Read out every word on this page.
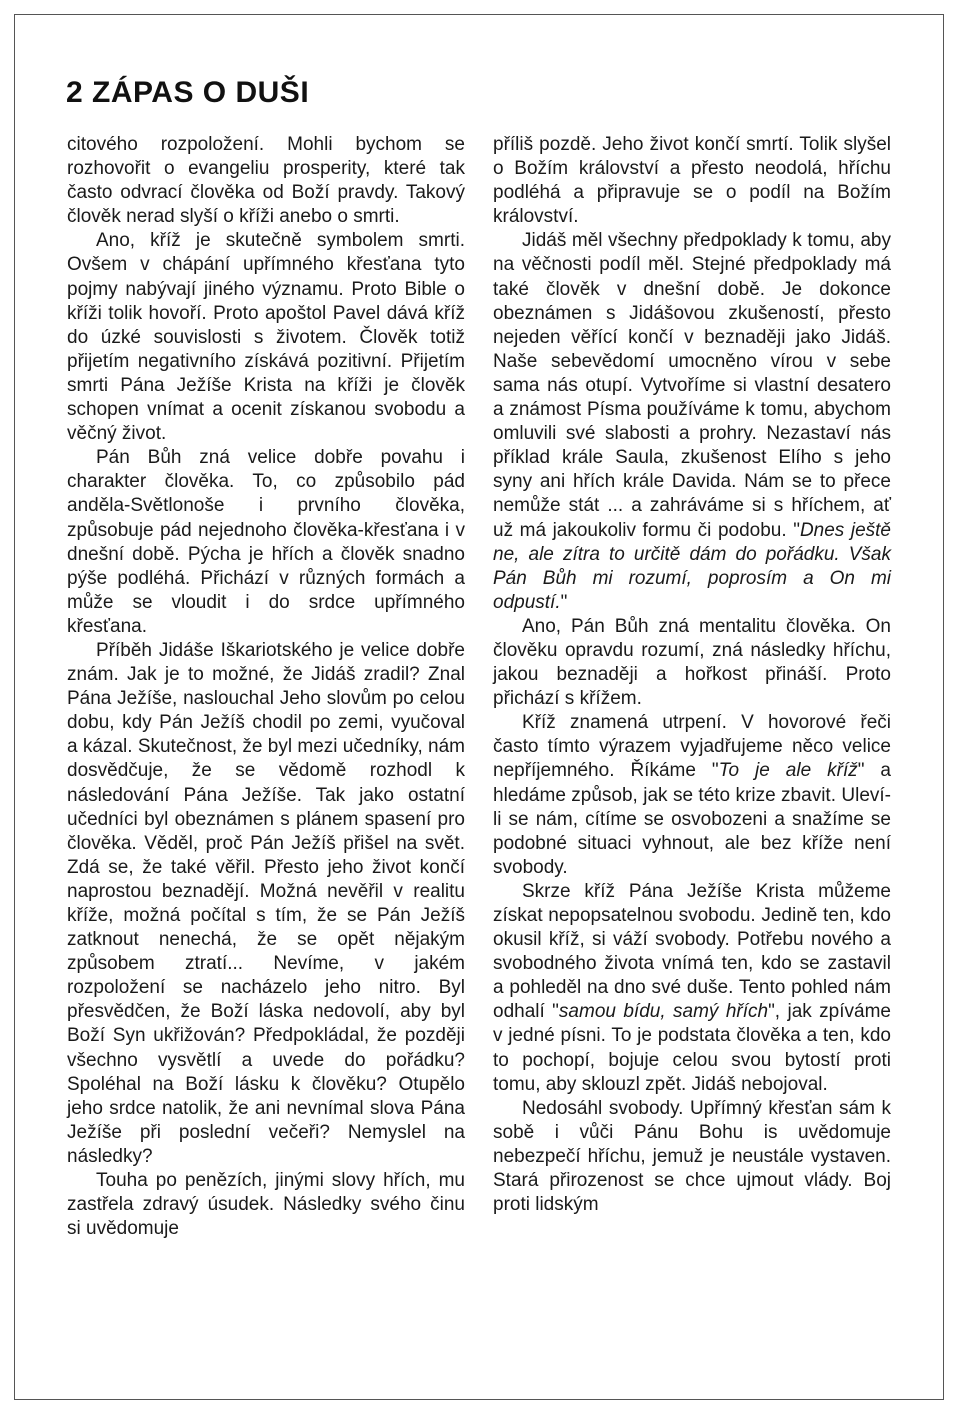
2 ZÁPAS O DUŠI

citového rozpoložení. Mohli bychom se rozhovořit o evangeliu prosperity, které tak často odvrací člověka od Boží pravdy. Takový člověk nerad slyší o kříži anebo o smrti.

Ano, kříž je skutečně symbolem smrti. Ovšem v chápání upřímného křesťana tyto pojmy nabývají jiného významu. Proto Bible o kříži tolik hovoří. Proto apoštol Pavel dává kříž do úzké souvislosti s životem. Člověk totiž přijetím negativního získává pozitivní. Přijetím smrti Pána Ježíše Krista na kříži je člověk schopen vnímat a ocenit získanou svobodu a věčný život.

Pán Bůh zná velice dobře povahu i charakter člověka. To, co způsobilo pád anděla-Světlonoše i prvního člověka, způsobuje pád nejednoho člověka-křesťana i v dnešní době. Pýcha je hřích a člověk snadno pýše podléhá. Přichází v různých formách a může se vloudit i do srdce upřímného křesťana.

Příběh Jidáše Iškariotského je velice dobře znám. Jak je to možné, že Jidáš zradil? Znal Pána Ježíše, naslouchal Jeho slovům po celou dobu, kdy Pán Ježíš chodil po zemi, vyučoval a kázal. Skutečnost, že byl mezi učedníky, nám dosvědčuje, že se vědomě rozhodl k následování Pána Ježíše. Tak jako ostatní učedníci byl obeznámen s plánem spasení pro člověka. Věděl, proč Pán Ježíš přišel na svět. Zdá se, že také věřil. Přesto jeho život končí naprostou beznadějí. Možná nevěřil v realitu kříže, možná počítal s tím, že se Pán Ježíš zatknout nenechá, že se opět nějakým způsobem ztratí... Nevíme, v jakém rozpoložení se nacházelo jeho nitro. Byl přesvědčen, že Boží láska nedovolí, aby byl Boží Syn ukřižován? Předpokládal, že později všechno vysvětlí a uvede do pořádku? Spoléhal na Boží lásku k člověku? Otupělo jeho srdce natolik, že ani nevnímal slova Pána Ježíše při poslední večeři? Nemyslel na následky?

Touha po penězích, jinými slovy hřích, mu zastřela zdravý úsudek. Následky svého činu si uvědomuje

příliš pozdě. Jeho život končí smrtí. Tolik slyšel o Božím království a přesto neodolá, hříchu podléhá a připravuje se o podíl na Božím království.

Jidáš měl všechny předpoklady k tomu, aby na věčnosti podíl měl. Stejné předpoklady má také člověk v dnešní době. Je dokonce obeznámen s Jidášovou zkušeností, přesto nejeden věřící končí v beznaději jako Jidáš. Naše sebevědomí umocněno vírou v sebe sama nás otupí. Vytvoříme si vlastní desatero a známost Písma používáme k tomu, abychom omluvili své slabosti a prohry. Nezastaví nás příklad krále Saula, zkušenost Elího s jeho syny ani hřích krále Davida. Nám se to přece nemůže stát ... a zahráváme si s hříchem, ať už má jakoukoliv formu či podobu. "Dnes ještě ne, ale zítra to určitě dám do pořádku. Však Pán Bůh mi rozumí, poprosím a On mi odpustí."

Ano, Pán Bůh zná mentalitu člověka. On člověku opravdu rozumí, zná následky hříchu, jakou beznaději a hořkost přináší. Proto přichází s křížem.

Kříž znamená utrpení. V hovorové řeči často tímto výrazem vyjadřujeme něco velice nepříjemného. Říkáme "To je ale kříž" a hledáme způsob, jak se této krize zbavit. Uleví-li se nám, cítíme se osvobozeni a snažíme se podobné situaci vyhnout, ale bez kříže není svobody.

Skrze kříž Pána Ježíše Krista můžeme získat nepopsatelnou svobodu. Jedině ten, kdo okusil kříž, si váží svobody. Potřebu nového a svobodného života vnímá ten, kdo se zastavil a pohleděl na dno své duše. Tento pohled nám odhalí "samou bídu, samý hřích", jak zpíváme v jedné písni. To je podstata člověka a ten, kdo to pochopí, bojuje celou svou bytostí proti tomu, aby sklouzl zpět. Jidáš nebojoval.

Nedosáhl svobody. Upřímný křesťan sám k sobě i vůči Pánu Bohu is uvědomuje nebezpečí hříchu, jemuž je neustále vystaven. Stará přirozenost se chce ujmout vlády. Boj proti lidským
